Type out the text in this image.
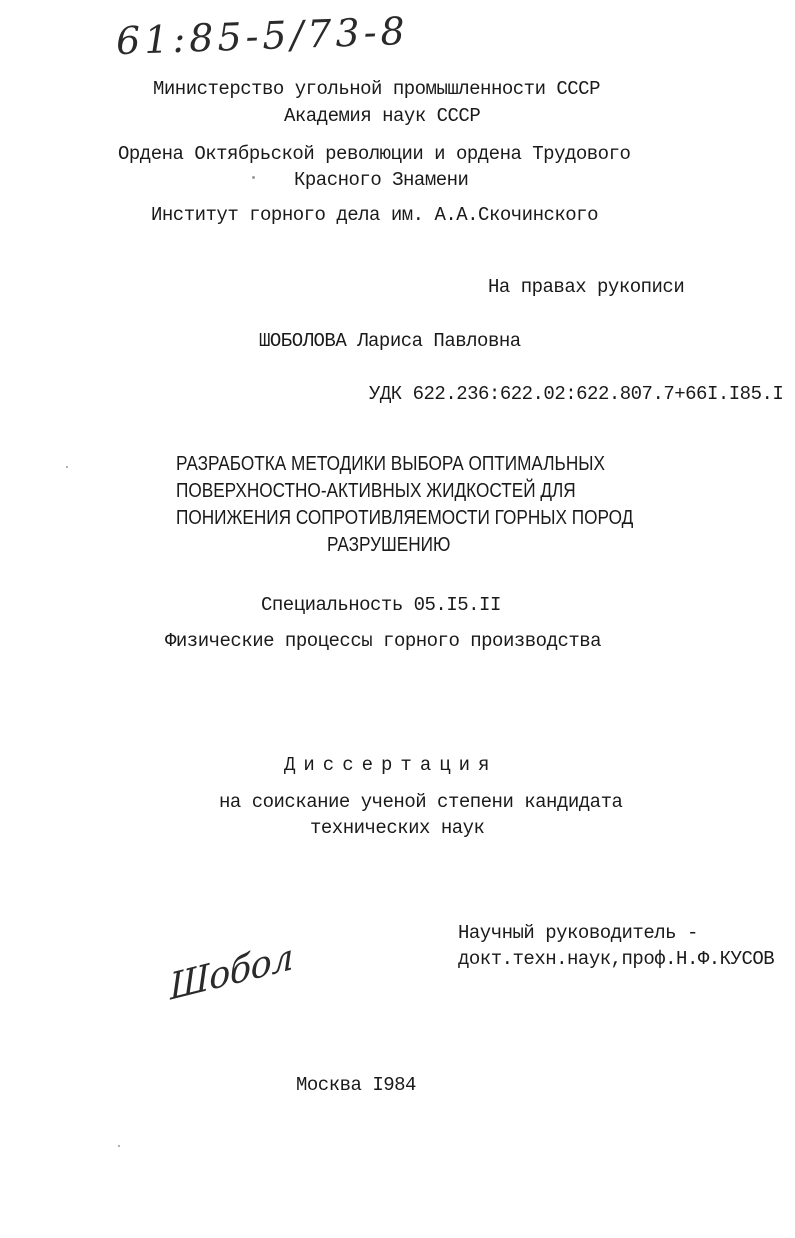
61:85-5/73-8
Министерство угольной промышленности СССР
Академия наук СССР
Ордена Октябрьской революции и ордена Трудового
Красного Знамени
Институт горного дела им. А.А.Скочинского
На правах рукописи
ШОБОЛОВА Лариса Павловна
УДК 622.236:622.02:622.807.7+66I.I85.I
РАЗРАБОТКА МЕТОДИКИ ВЫБОРА ОПТИМАЛЬНЫХ
ПОВЕРХНОСТНО-АКТИВНЫХ ЖИДКОСТЕЙ ДЛЯ
ПОНИЖЕНИЯ СОПРОТИВЛЯЕМОСТИ ГОРНЫХ ПОРОД
РАЗРУШЕНИЮ
Специальность 05.I5.II
Физические процессы горного производства
Диссертация
на соискание ученой степени кандидата
технических наук
Научный руководитель -
докт.техн.наук,проф.Н.Ф.КУСОВ
Шобол
Москва I984
